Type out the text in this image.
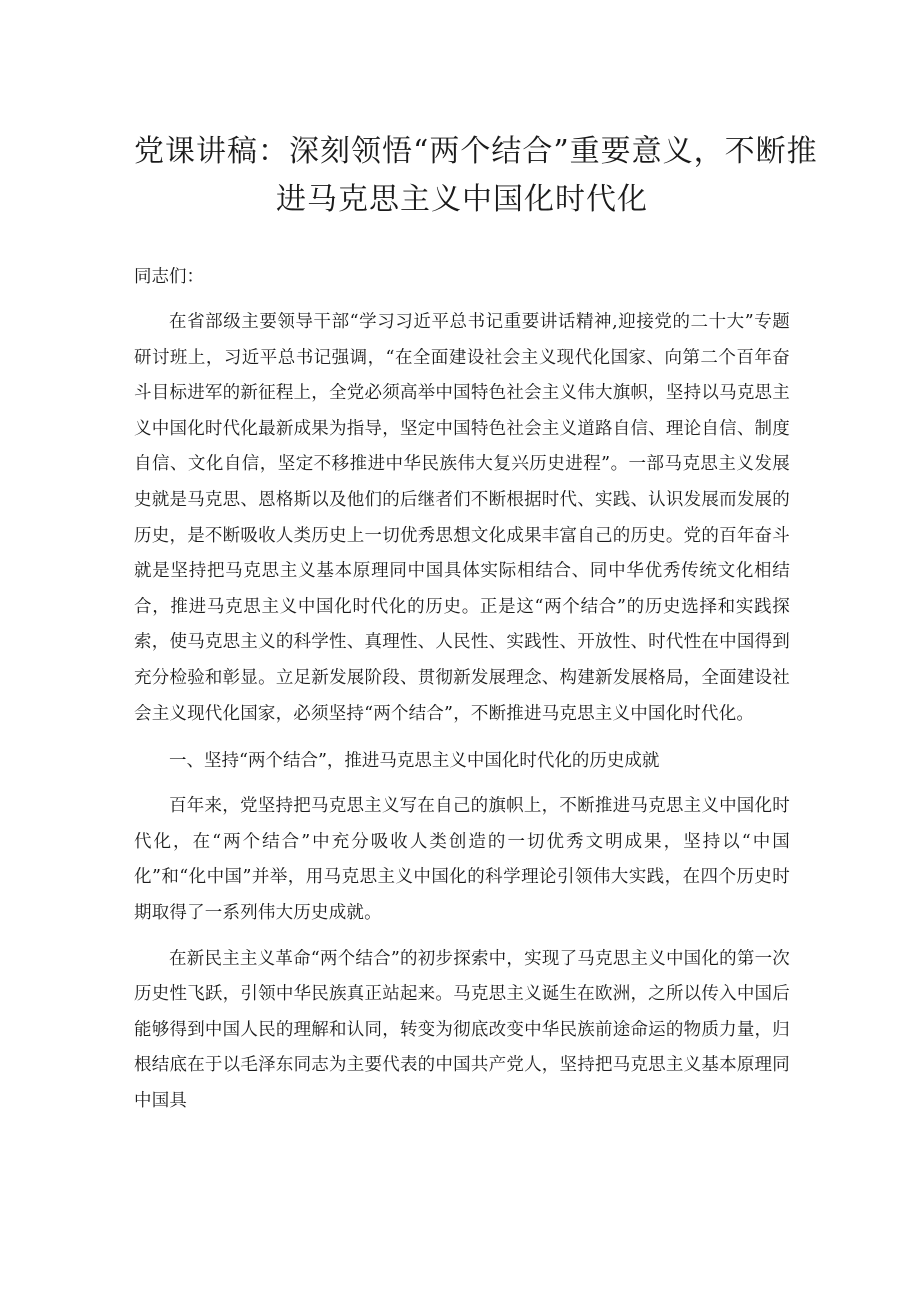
党课讲稿：深刻领悟“两个结合”重要意义，不断推
进马克思主义中国化时代化

同志们：

在省部级主要领导干部“学习习近平总书记重要讲话精神,迎接党的二十大”专题研讨班上，习近平总书记强调，“在全面建设社会主义现代化国家、向第二个百年奋斗目标进军的新征程上，全党必须高举中国特色社会主义伟大旗帜，坚持以马克思主义中国化时代化最新成果为指导，坚定中国特色社会主义道路自信、理论自信、制度自信、文化自信，坚定不移推进中华民族伟大复兴历史进程”。一部马克思主义发展史就是马克思、恩格斯以及他们的后继者们不断根据时代、实践、认识发展而发展的历史，是不断吸收人类历史上一切优秀思想文化成果丰富自己的历史。党的百年奋斗就是坚持把马克思主义基本原理同中国具体实际相结合、同中华优秀传统文化相结合，推进马克思主义中国化时代化的历史。正是这“两个结合”的历史选择和实践探索，使马克思主义的科学性、真理性、人民性、实践性、开放性、时代性在中国得到充分检验和彰显。立足新发展阶段、贯彻新发展理念、构建新发展格局，全面建设社会主义现代化国家，必须坚持“两个结合”，不断推进马克思主义中国化时代化。

一、坚持“两个结合”，推进马克思主义中国化时代化的历史成就

百年来，党坚持把马克思主义写在自己的旗帜上，不断推进马克思主义中国化时代化，在“两个结合”中充分吸收人类创造的一切优秀文明成果，坚持以“中国化”和“化中国”并举，用马克思主义中国化的科学理论引领伟大实践，在四个历史时期取得了一系列伟大历史成就。

在新民主主义革命“两个结合”的初步探索中，实现了马克思主义中国化的第一次历史性飞跃，引领中华民族真正站起来。马克思主义诞生在欧洲，之所以传入中国后能够得到中国人民的理解和认同，转变为彻底改变中华民族前途命运的物质力量，归根结底在于以毛泽东同志为主要代表的中国共产党人，坚持把马克思主义基本原理同中国具
